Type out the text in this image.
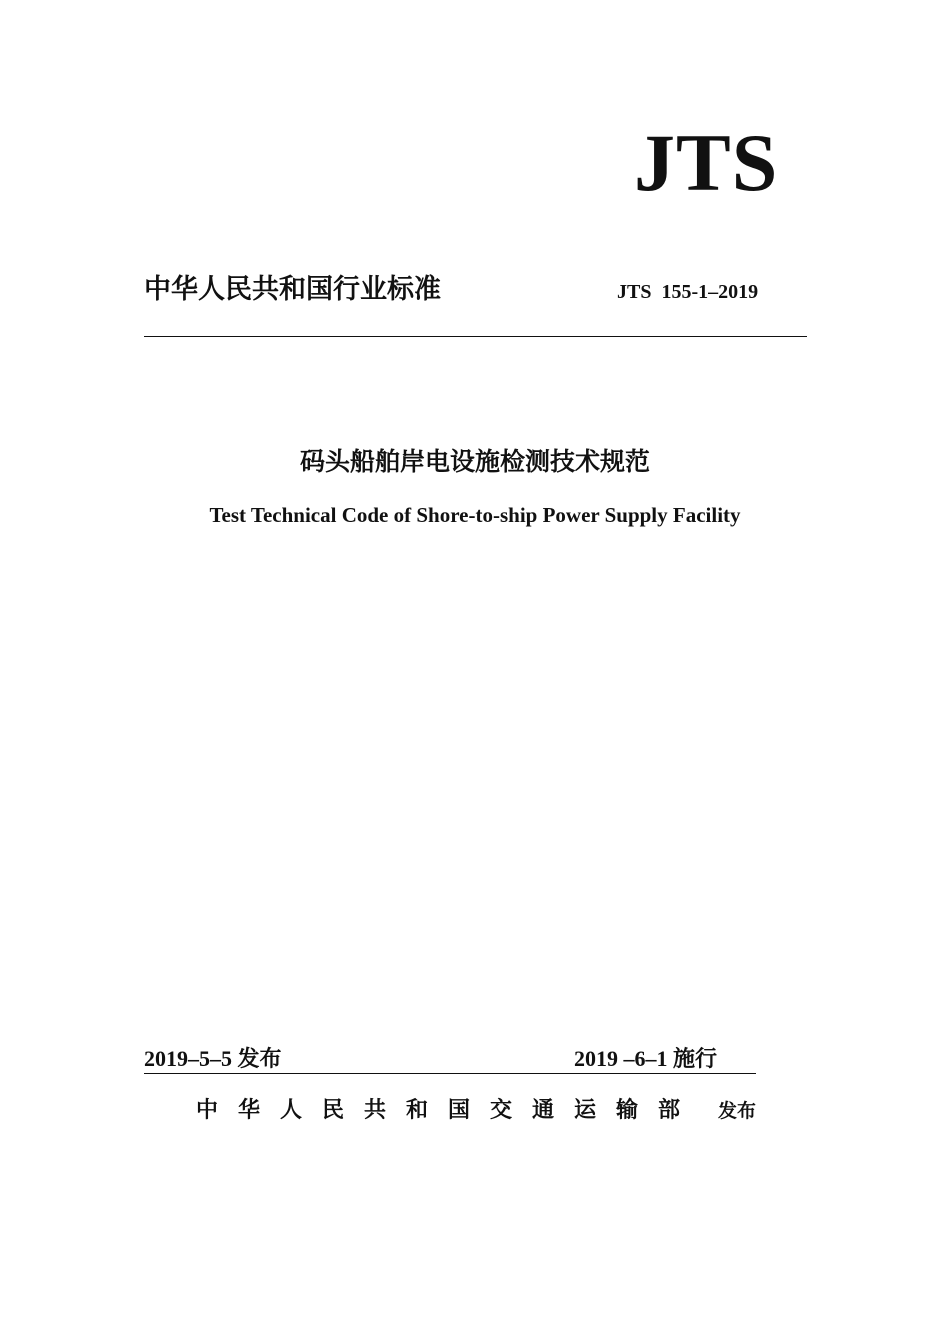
JTS
中华人民共和国行业标准	JTS  155-1–2019
码头船舶岸电设施检测技术规范
Test Technical Code of Shore-to-ship Power Supply Facility
2019–5–5 发布	2019 –6–1 施行
中华人民共和国交通运输部 发布
